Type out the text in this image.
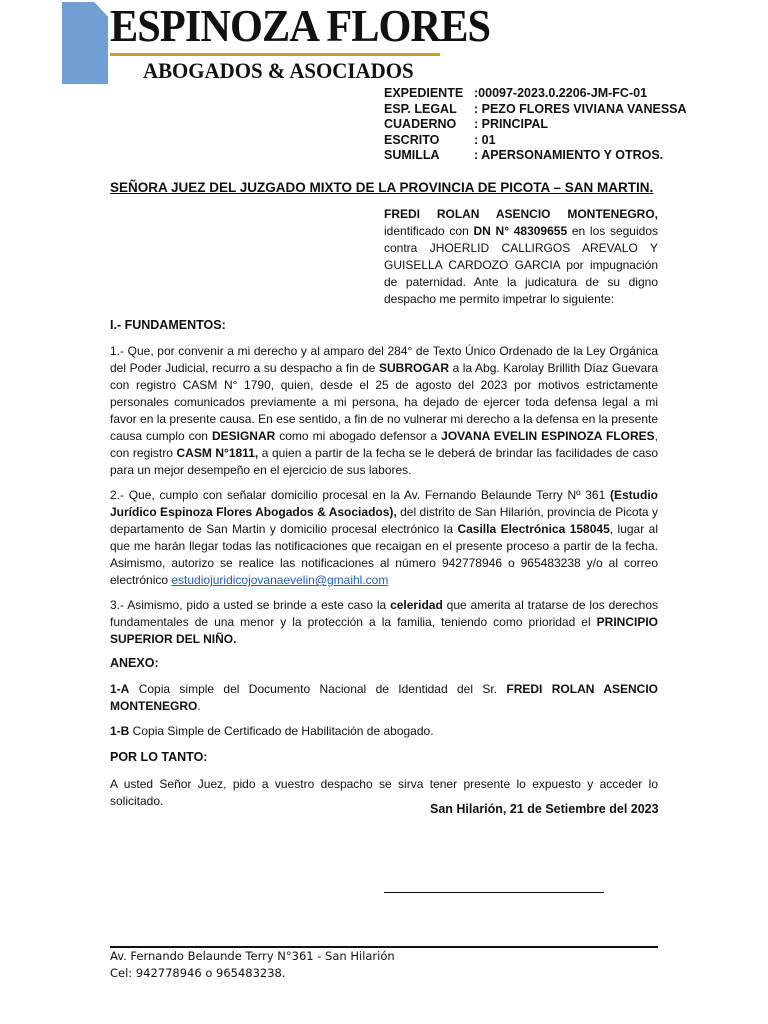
ESPINOZA FLORES
ABOGADOS & ASOCIADOS
EXPEDIENTE :00097-2023.0.2206-JM-FC-01
ESP. LEGAL	: PEZO FLORES VIVIANA VANESSA
CUADERNO	: PRINCIPAL
ESCRITO	: 01
SUMILLA	: APERSONAMIENTO Y OTROS.
SEÑORA JUEZ DEL JUZGADO MIXTO DE LA PROVINCIA DE PICOTA – SAN MARTIN.
FREDI ROLAN ASENCIO MONTENEGRO, identificado con DN N° 48309655 en los seguidos contra JHOERLID CALLIRGOS AREVALO Y GUISELLA CARDOZO GARCIA por impugnación de paternidad. Ante la judicatura de su digno despacho me permito impetrar lo siguiente:
I.- FUNDAMENTOS:
1.- Que, por convenir a mi derecho y al amparo del 284° de Texto Único Ordenado de la Ley Orgánica del Poder Judicial, recurro a su despacho a fin de SUBROGAR a la Abg. Karolay Brillith Díaz Guevara con registro CASM N° 1790, quien, desde el 25 de agosto del 2023 por motivos estrictamente personales comunicados previamente a mi persona, ha dejado de ejercer toda defensa legal a mi favor en la presente causa. En ese sentido, a fin de no vulnerar mi derecho a la defensa en la presente causa cumplo con DESIGNAR como mi abogado defensor a JOVANA EVELIN ESPINOZA FLORES, con registro CASM N°1811, a quien a partir de la fecha se le deberá de brindar las facilidades de caso para un mejor desempeño en el ejercicio de sus labores.
2.- Que, cumplo con señalar domicilio procesal en la Av. Fernando Belaunde Terry Nº 361 (Estudio Jurídico Espinoza Flores Abogados & Asociados), del distrito de San Hilarión, provincia de Picota y departamento de San Martin y domicilio procesal electrónico la Casilla Electrónica 158045, lugar al que me harán llegar todas las notificaciones que recaigan en el presente proceso a partir de la fecha. Asimismo, autorizo se realice las notificaciones al número 942778946 o 965483238 y/o al correo electrónico estudiojuridicojovanaevelin@gmaihl.com
3.- Asimismo, pido a usted se brinde a este caso la celeridad que amerita al tratarse de los derechos fundamentales de una menor y la protección a la familia, teniendo como prioridad el PRINCIPIO SUPERIOR DEL NIÑO.
ANEXO:
1-A Copia simple del Documento Nacional de Identidad del Sr. FREDI ROLAN ASENCIO MONTENEGRO.
1-B Copia Simple de Certificado de Habilitación de abogado.
POR LO TANTO:
A usted Señor Juez, pido a vuestro despacho se sirva tener presente lo expuesto y acceder lo solicitado.
San Hilarión, 21 de Setiembre del 2023
Av. Fernando Belaunde Terry N°361 - San Hilarión
Cel: 942778946 o 965483238.
